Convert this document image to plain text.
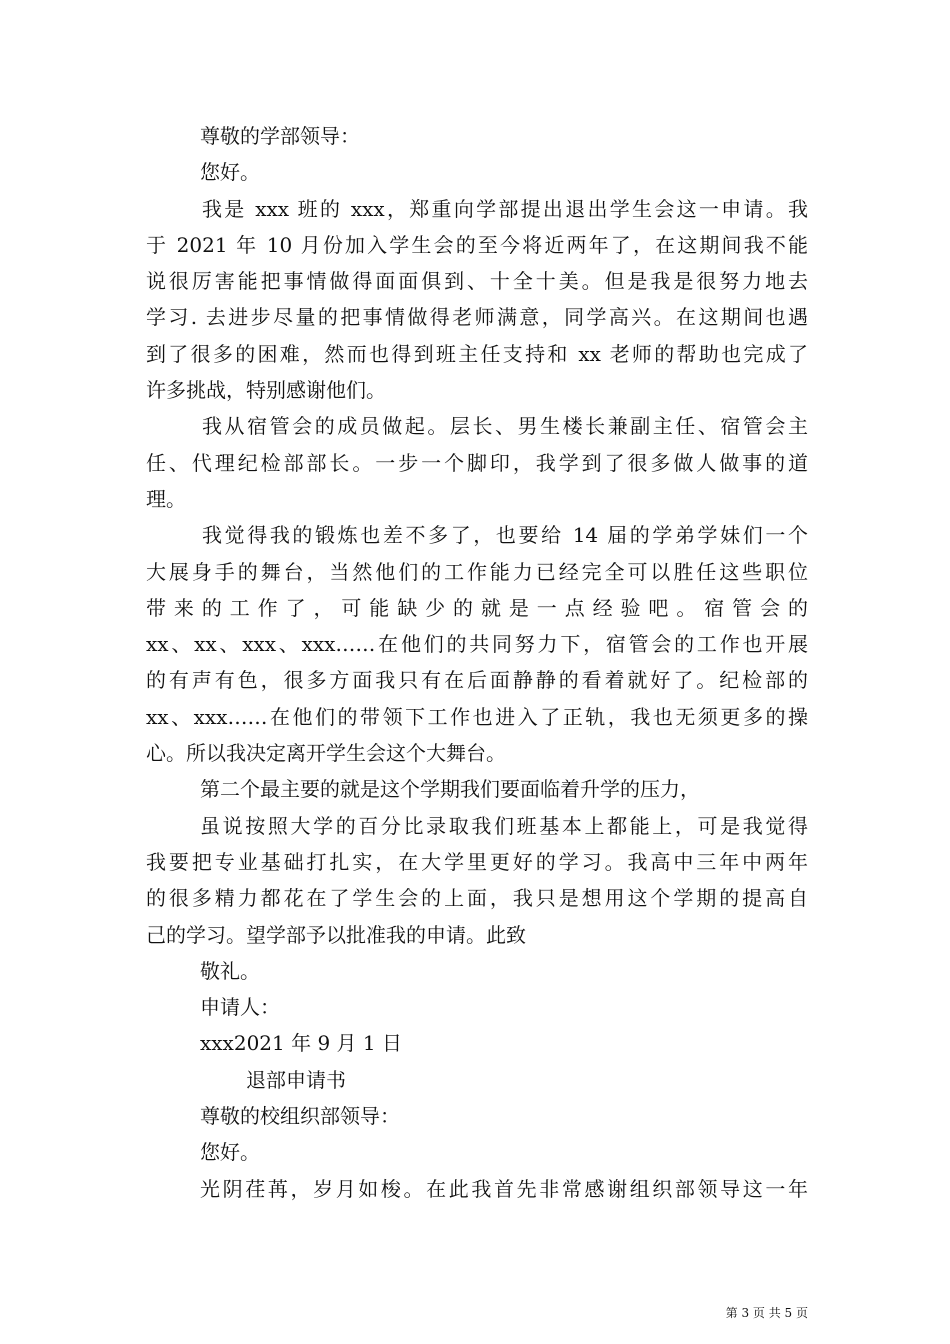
尊敬的学部领导：
您好。
我是 xxx 班的 xxx，郑重向学部提出退出学生会这一申请。我
于 2021 年 10 月份加入学生会的至今将近两年了，在这期间我不能
说很厉害能把事情做得面面俱到、十全十美。但是我是很努力地去
学习. 去进步尽量的把事情做得老师满意，同学高兴。在这期间也遇
到了很多的困难，然而也得到班主任支持和 xx 老师的帮助也完成了
许多挑战，特别感谢他们。
我从宿管会的成员做起。层长、男生楼长兼副主任、宿管会主
任、代理纪检部部长。一步一个脚印，我学到了很多做人做事的道
理。
我觉得我的锻炼也差不多了，也要给 14 届的学弟学妹们一个
大展身手的舞台，当然他们的工作能力已经完全可以胜任这些职位
带来的工作了，可能缺少的就是一点经验吧。宿管会的
xx、xx、xxx、xxx……在他们的共同努力下，宿管会的工作也开展
的有声有色，很多方面我只有在后面静静的看着就好了。纪检部的
xx、xxx……在他们的带领下工作也进入了正轨，我也无须更多的操
心。所以我决定离开学生会这个大舞台。
第二个最主要的就是这个学期我们要面临着升学的压力，
虽说按照大学的百分比录取我们班基本上都能上，可是我觉得
我要把专业基础打扎实，在大学里更好的学习。我高中三年中两年
的很多精力都花在了学生会的上面，我只是想用这个学期的提高自
己的学习。望学部予以批准我的申请。此致
敬礼。
申请人：
xxx2021 年 9 月 1 日
退部申请书
尊敬的校组织部领导：
您好。
光阴荏苒，岁月如梭。在此我首先非常感谢组织部领导这一年
第 3 页 共 5 页
